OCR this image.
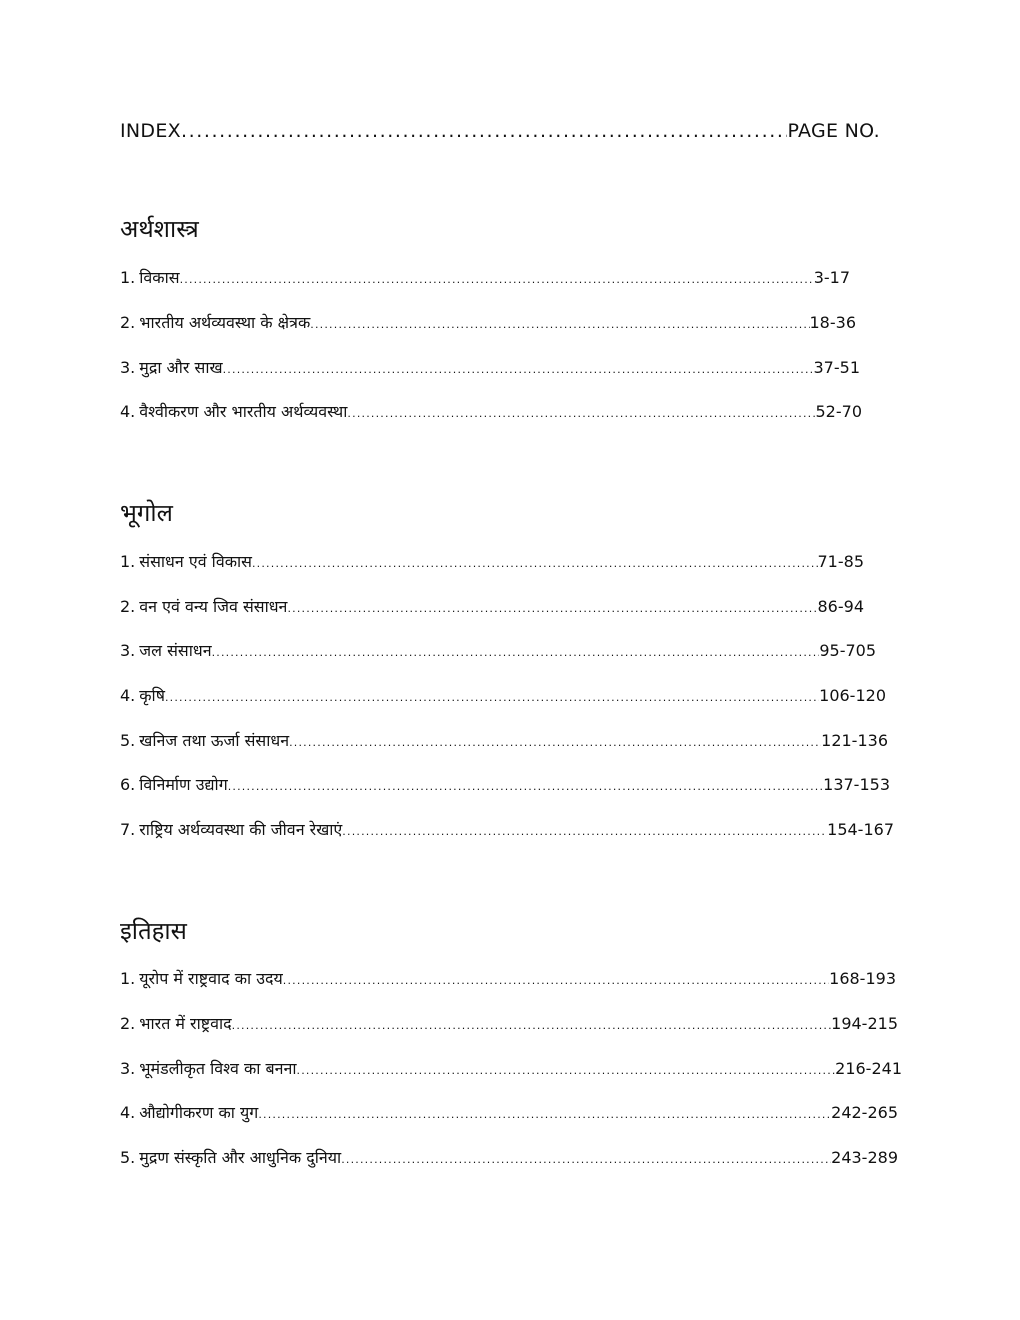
INDEX .....	PAGE NO.
अर्थशास्त्र
1. विकास .....	3-17
2. भारतीय अर्थव्यवस्था के क्षेत्रक .....	18-36
3. मुद्रा और साख .....	37-51
4. वैश्वीकरण और भारतीय अर्थव्यवस्था .....	52-70
भूगोल
1. संसाधन एवं विकास .....	71-85
2. वन एवं वन्य जिव संसाधन .....	86-94
3. जल संसाधन .....	95-705
4. कृषि .....	106-120
5. खनिज तथा ऊर्जा संसाधन .....	121-136
6. विनिर्माण उद्योग .....	137-153
7. राष्ट्रिय अर्थव्यवस्था की जीवन रेखाएं .....	154-167
इतिहास
1. यूरोप में राष्ट्रवाद का उदय .....	168-193
2. भारत में राष्ट्रवाद .....	194-215
3. भूमंडलीकृत विश्व का बनना .....	216-241
4. औद्योगीकरण का युग .....	242-265
5. मुद्रण संस्कृति और आधुनिक दुनिया .....	243-289
